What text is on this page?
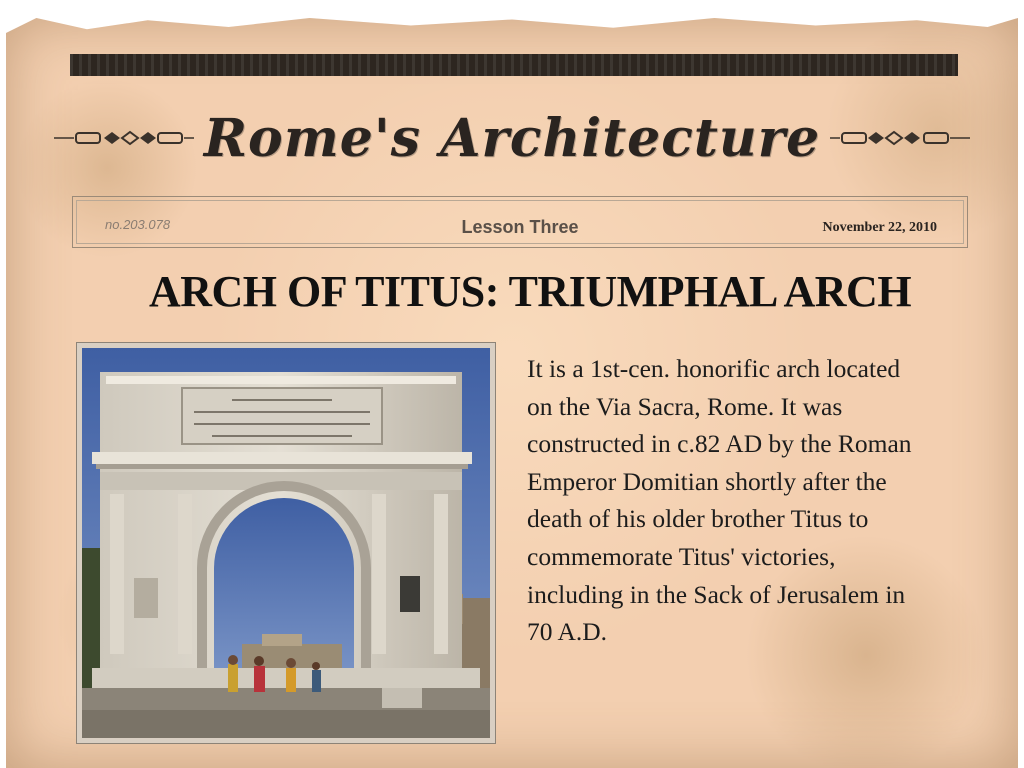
Rome's Architecture
no.203.078	Lesson Three	November 22, 2010
ARCH OF TITUS: TRIUMPHAL ARCH
It is a 1st-cen. honorific arch located
on the Via Sacra, Rome. It was
constructed in c.82 AD by the Roman
Emperor Domitian shortly after the
death of his older brother Titus to
commemorate Titus' victories,
including in the Sack of Jerusalem in
70 A.D.
